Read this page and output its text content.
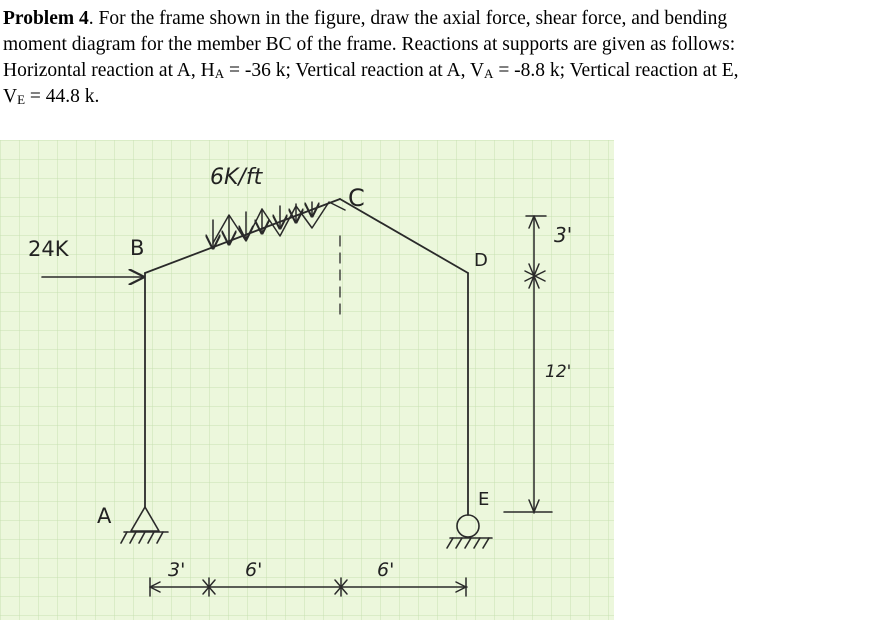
Problem 4. For the frame shown in the figure, draw the axial force, shear force, and bending
moment diagram for the member BC of the frame. Reactions at supports are given as follows:
Horizontal reaction at A, $H_A = -36$ k; Vertical reaction at A, $V_A = -8.8$ k; Vertical reaction at E,
$V_E = 44.8$ k.
6K/ft
24K	B
C
D
A
E
3'	6'	6'
3'
12'
